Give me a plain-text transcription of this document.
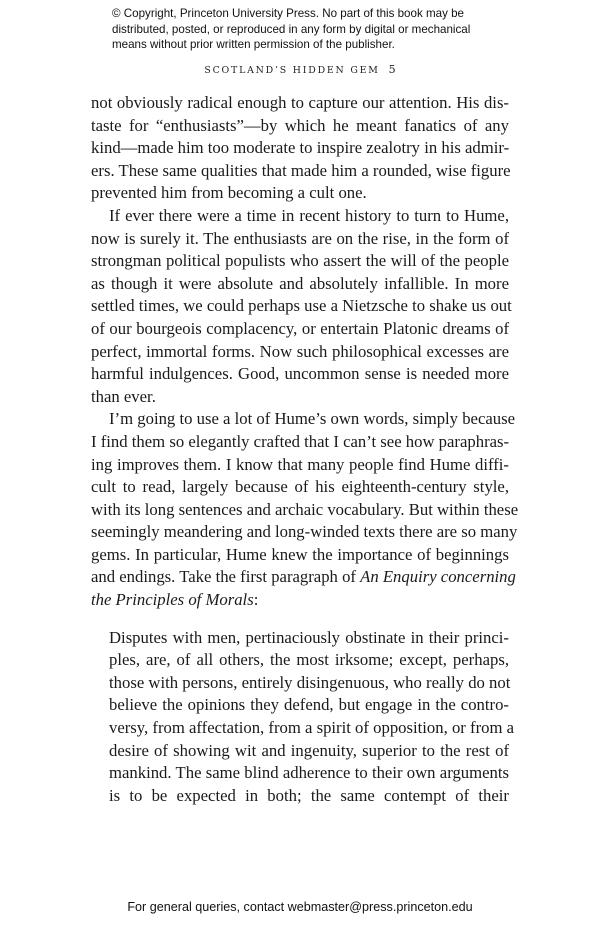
© Copyright, Princeton University Press. No part of this book may be
distributed, posted, or reproduced in any form by digital or mechanical
means without prior written permission of the publisher.
SCOTLAND’S HIDDEN GEM 5
not obviously radical enough to capture our attention. His dis-
taste for “enthusiasts”—by which he meant fanatics of any
kind—made him too moderate to inspire zealotry in his admir-
ers. These same qualities that made him a rounded, wise figure
prevented him from becoming a cult one.
If ever there were a time in recent history to turn to Hume,
now is surely it. The enthusiasts are on the rise, in the form of
strongman political populists who assert the will of the people
as though it were absolute and absolutely infallible. In more
settled times, we could perhaps use a Nietzsche to shake us out
of our bourgeois complacency, or entertain Platonic dreams of
perfect, immortal forms. Now such philosophical excesses are
harmful indulgences. Good, uncommon sense is needed more
than ever.
I’m going to use a lot of Hume’s own words, simply because
I find them so elegantly crafted that I can’t see how paraphras-
ing improves them. I know that many people find Hume diffi-
cult to read, largely because of his eighteenth-century style,
with its long sentences and archaic vocabulary. But within these
seemingly meandering and long-winded texts there are so many
gems. In particular, Hume knew the importance of beginnings
and endings. Take the first paragraph of An Enquiry concerning
the Principles of Morals:
Disputes with men, pertinaciously obstinate in their princi-
ples, are, of all others, the most irksome; except, perhaps,
those with persons, entirely disingenuous, who really do not
believe the opinions they defend, but engage in the contro-
versy, from affectation, from a spirit of opposition, or from a
desire of showing wit and ingenuity, superior to the rest of
mankind. The same blind adherence to their own arguments
is to be expected in both; the same contempt of their
For general queries, contact webmaster@press.princeton.edu
